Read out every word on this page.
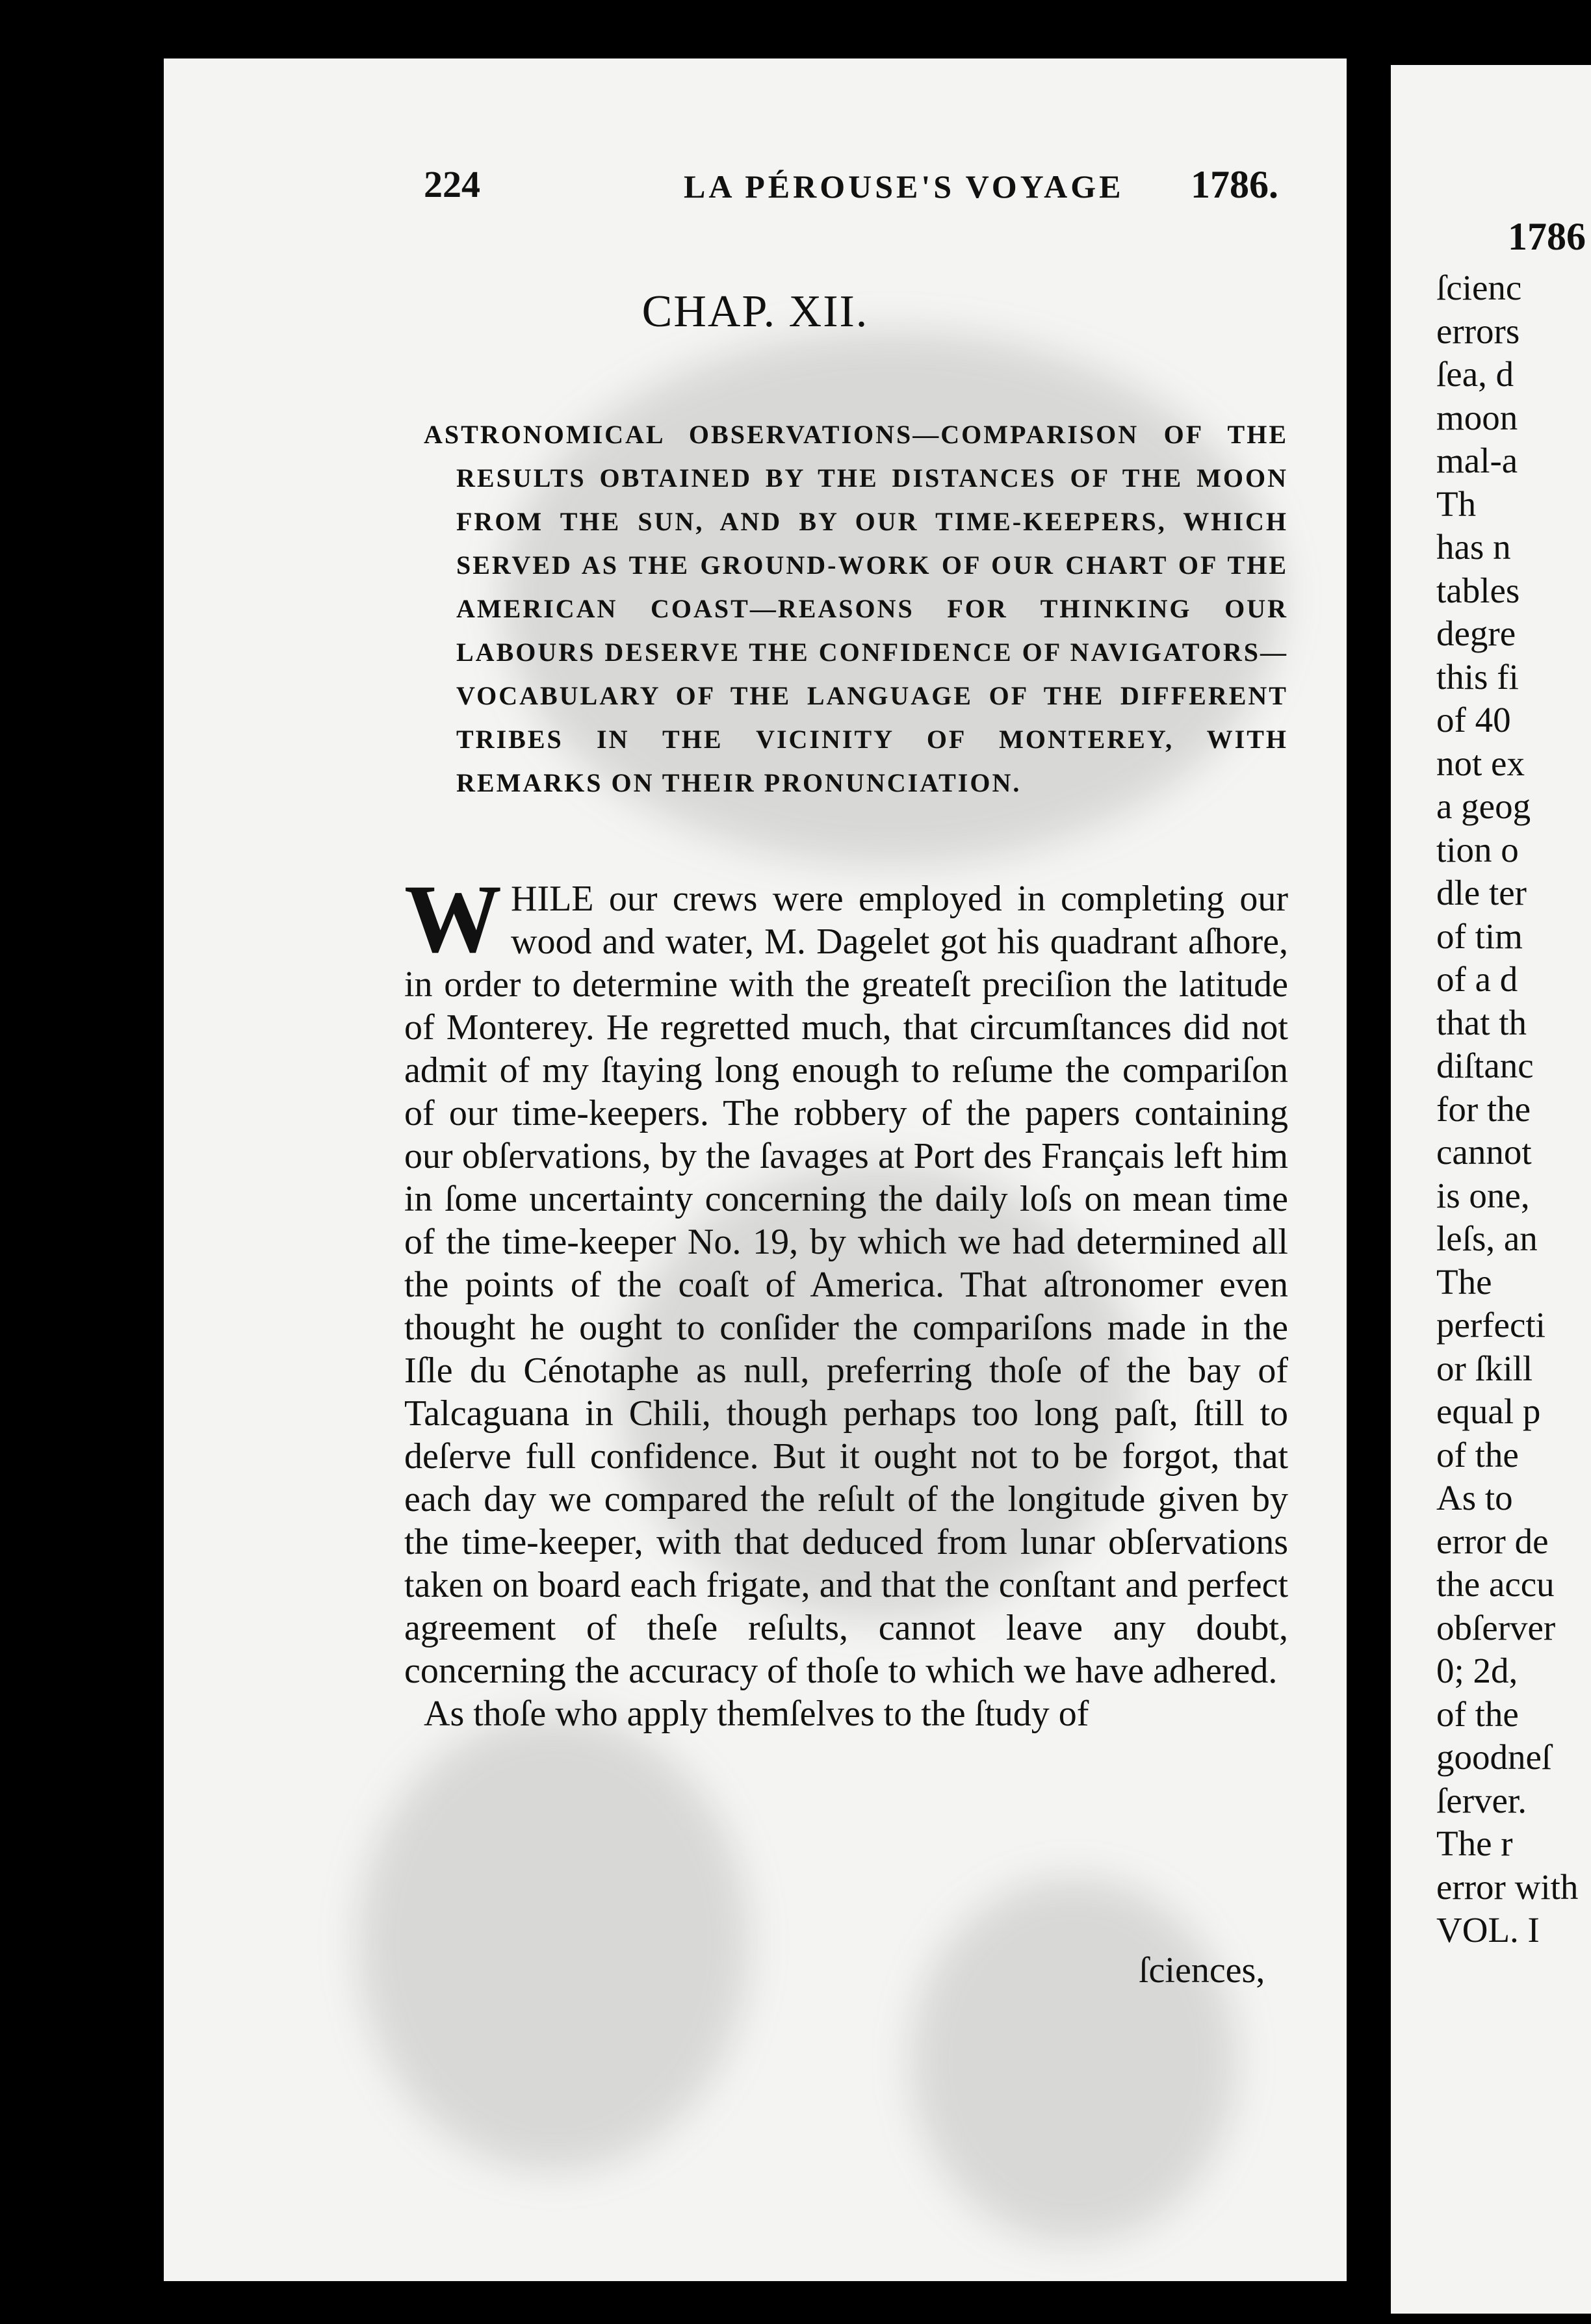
224	LA PÉROUSE'S VOYAGE 1786.
CHAP. XII.
ASTRONOMICAL OBSERVATIONS—COMPARISON OF THE RESULTS OBTAINED BY THE DISTANCES OF THE MOON FROM THE SUN, AND BY OUR TIME-KEEPERS, WHICH SERVED AS THE GROUND-WORK OF OUR CHART OF THE AMERICAN COAST—REASONS FOR THINKING OUR LABOURS DESERVE THE CONFIDENCE OF NAVIGATORS—VOCABULARY OF THE LANGUAGE OF THE DIFFERENT TRIBES IN THE VICINITY OF MONTEREY, WITH REMARKS ON THEIR PRONUNCIATION.

WHILE our crews were employed in completing our wood and water, M. Dagelet got his quadrant aſhore, in order to determine with the greateſt preciſion the latitude of Monterey. He regretted much, that circumſtances did not admit of my ſtaying long enough to reſume the compariſon of our time-keepers. The robbery of the papers containing our obſervations, by the ſavages at Port des Français left him in ſome uncertainty concerning the daily loſs on mean time of the time-keeper No. 19, by which we had determined all the points of the coaſt of America. That aſtronomer even thought he ought to conſider the compariſons made in the Iſle du Cénotaphe as null, preferring thoſe of the bay of Talcaguana in Chili, though perhaps too long paſt, ſtill to deſerve full confidence. But it ought not to be forgot, that each day we compared the reſult of the longitude given by the time-keeper, with that deduced from lunar obſervations taken on board each frigate, and that the conſtant and perfect agreement of theſe reſults, cannot leave any doubt, concerning the accuracy of thoſe to which we have adhered.

As thoſe who apply themſelves to the ſtudy of

ſciences,
1786
ſcienc
errors
ſea, d
moon
mal-a
Th
has n
tables
degre
this fi
of 40
not ex
a geog
tion o
dle ter
of tim
of a d
that th
diſtanc
for the
cannot
is one,
leſs, an
The
perfecti
or ſkill
equal p
of the
As to
error de
the accu
obſerver
0; 2d,
of the
goodneſ
ſerver.
The r
error with
VOL. I
